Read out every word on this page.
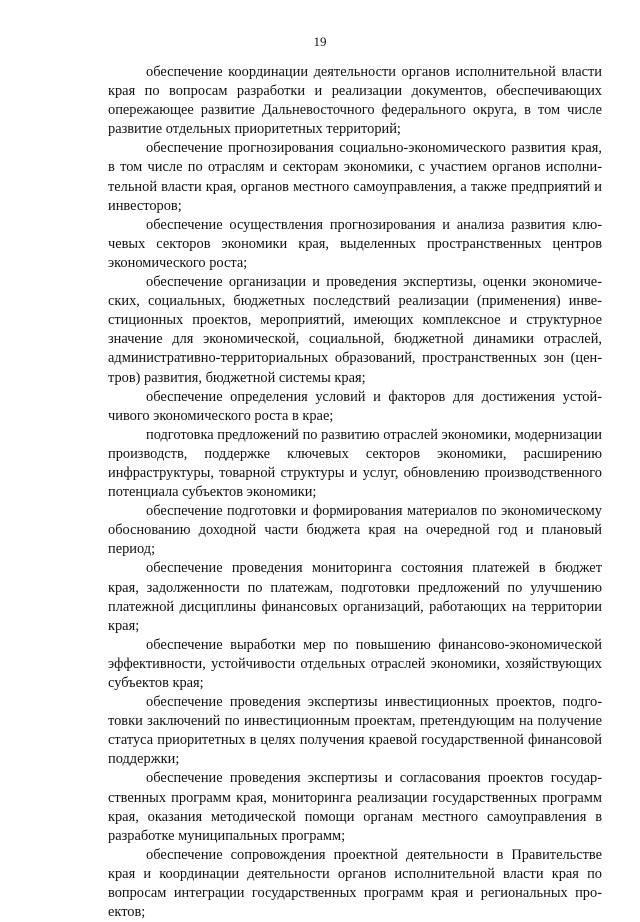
19

обеспечение координации деятельности органов исполнительной власти края по вопросам разработки и реализации документов, обеспечивающих опережающее развитие Дальневосточного федерального округа, в том числе развитие отдельных приоритетных территорий;

обеспечение прогнозирования социально-экономического развития края, в том числе по отраслям и секторам экономики, с участием органов исполнительной власти края, органов местного самоуправления, а также предприятий и инвесторов;

обеспечение осуществления прогнозирования и анализа развития ключевых секторов экономики края, выделенных пространственных центров экономического роста;

обеспечение организации и проведения экспертизы, оценки экономических, социальных, бюджетных последствий реализации (применения) инвестиционных проектов, мероприятий, имеющих комплексное и структурное значение для экономической, социальной, бюджетной динамики отраслей, административно-территориальных образований, пространственных зон (центров) развития, бюджетной системы края;

обеспечение определения условий и факторов для достижения устойчивого экономического роста в крае;

подготовка предложений по развитию отраслей экономики, модернизации производств, поддержке ключевых секторов экономики, расширению инфраструктуры, товарной структуры и услуг, обновлению производственного потенциала субъектов экономики;

обеспечение подготовки и формирования материалов по экономическому обоснованию доходной части бюджета края на очередной год и плановый период;

обеспечение проведения мониторинга состояния платежей в бюджет края, задолженности по платежам, подготовки предложений по улучшению платежной дисциплины финансовых организаций, работающих на территории края;

обеспечение выработки мер по повышению финансово-экономической эффективности, устойчивости отдельных отраслей экономики, хозяйствующих субъектов края;

обеспечение проведения экспертизы инвестиционных проектов, подготовки заключений по инвестиционным проектам, претендующим на получение статуса приоритетных в целях получения краевой государственной финансовой поддержки;

обеспечение проведения экспертизы и согласования проектов государственных программ края, мониторинга реализации государственных программ края, оказания методической помощи органам местного самоуправления в разработке муниципальных программ;

обеспечение сопровождения проектной деятельности в Правительстве края и координации деятельности органов исполнительной власти края по вопросам интеграции государственных программ края и региональных проектов;
